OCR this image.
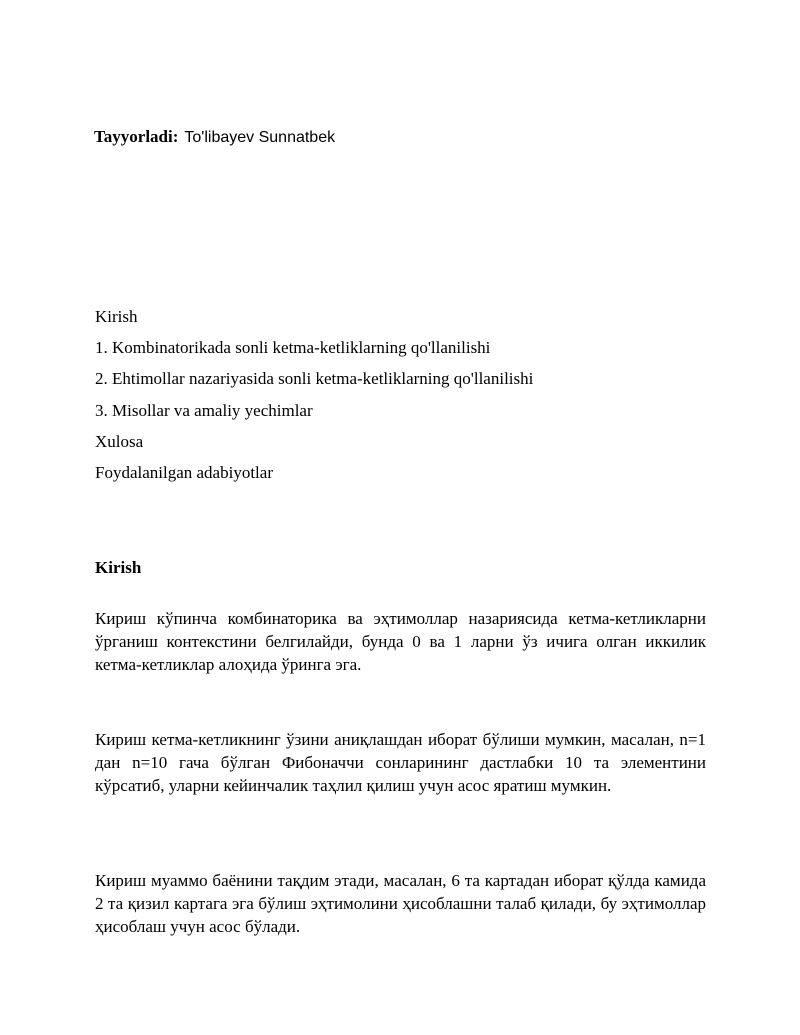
Tayyorladi: To'libayev Sunnatbek
Kirish
1. Kombinatorikada sonli ketma-ketliklarning qo'llanilishi
2. Ehtimollar nazariyasida sonli ketma-ketliklarning qo'llanilishi
3. Misollar va amaliy yechimlar
Xulosa
Foydalanilgan adabiyotlar
Kirish

Кириш кўпинча комбинаторика ва эҳтимоллар назариясида кетма-кетликларни ўрганиш контекстини белгилайди, бунда 0 ва 1 ларни ўз ичига олган иккилик кетма-кетликлар алоҳида ўринга эга.

Кириш кетма-кетликнинг ўзини аниқлашдан иборат бўлиши мумкин, масалан, n=1 дан n=10 гача бўлган Фибоначчи сонларининг дастлабки 10 та элементини кўрсатиб, уларни кейинчалик таҳлил қилиш учун асос яратиш мумкин.

Кириш муаммо баёнини тақдим этади, масалан, 6 та картадан иборат қўлда камида 2 та қизил картага эга бўлиш эҳтимолини ҳисоблашни талаб қилади, бу эҳтимоллар ҳисоблаш учун асос бўлади.
